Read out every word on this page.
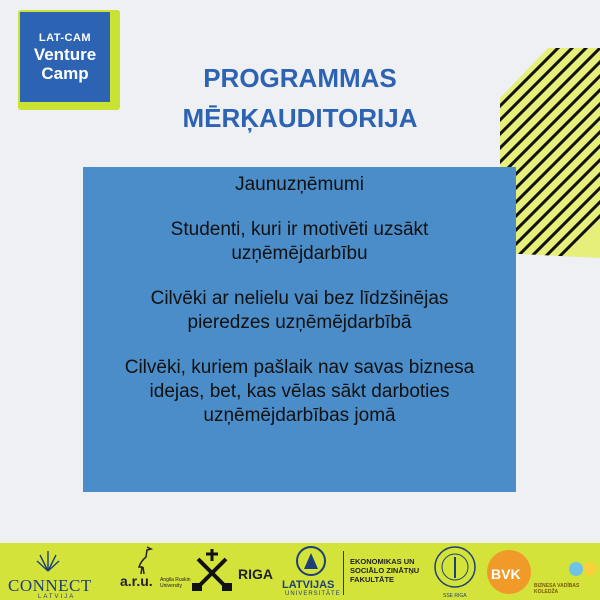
LAT-CAM
Venture
Camp	PROGRAMMAS
MĒRĶAUDITORIJA

Jaunuzņēmumi

Studenti, kuri ir motivēti uzsākt

uzņēmējdarbību

Cilvēki ar nelielu vai bez līdzšinējas

pieredzes uzņēmējdarbībā

Cilvēki, kuriem pašlaik nav savas biznesa

idejas, bet, kas vēlas sākt darboties

uzņēmējdarbības jomā

CONNECT
LATVIJA
a.r.u. Anglia Ruskin University
RIGA
LATVIJAS
UNIVERSITĀTE
EKONOMIKAS UN
SOCIĀLO ZINĀTŅU
FAKULTĀTE
SSE RIGA
BVK
BIZNESA VADĪBAS KOLEDŽA
